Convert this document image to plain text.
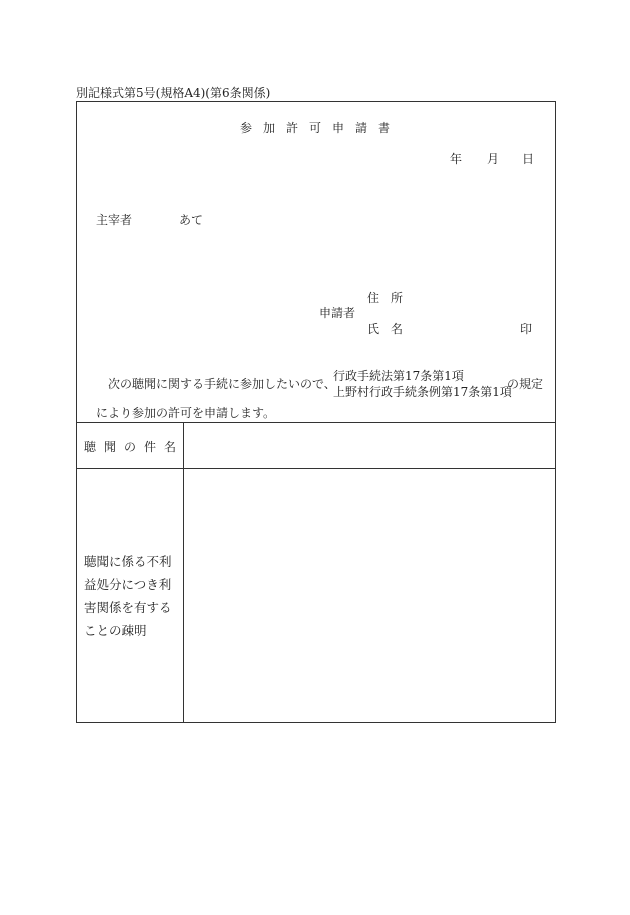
別記様式第5号(規格A4)(第6条関係)
参加許可申請書
年 月 日
主宰者	あて
住　所
申請者
氏　名	印
次の聴聞に関する手続に参加したいので、
行政手続法第17条第1項
上野村行政手続条例第17条第1項
の規定
により参加の許可を申請します。
聴聞の件名
聴聞に係る不利
益処分につき利
害関係を有する
ことの疎明
